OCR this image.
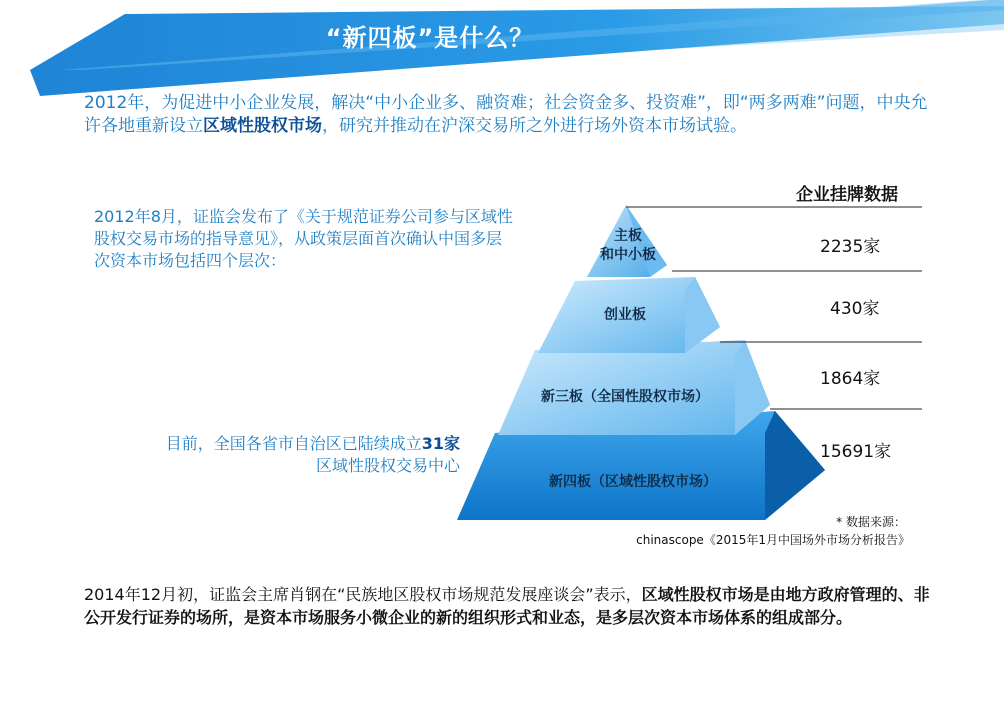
“新四板”是什么？
2012年，为促进中小企业发展，解决“中小企业多、融资难；社会资金多、投资难”，即“两多两难”问题，中央允许各地重新设立区域性股权市场，研究并推动在沪深交易所之外进行场外资本市场试验。
2012年8月，证监会发布了《关于规范证券公司参与区域性股权交易市场的指导意见》，从政策层面首次确认中国多层次资本市场包括四个层次：
目前，全国各省市自治区已陆续成立31家
区域性股权交易中心
主板
和中小板
创业板
新三板（全国性股权市场）
新四板（区域性股权市场）
企业挂牌数据
2235家
430家
1864家
15691家
* 数据来源：
chinascope《2015年1月中国场外市场分析报告》
2014年12月初，证监会主席肖钢在“民族地区股权市场规范发展座谈会”表示，区域性股权市场是由地方政府管理的、非公开发行证券的场所，是资本市场服务小微企业的新的组织形式和业态，是多层次资本市场体系的组成部分。
